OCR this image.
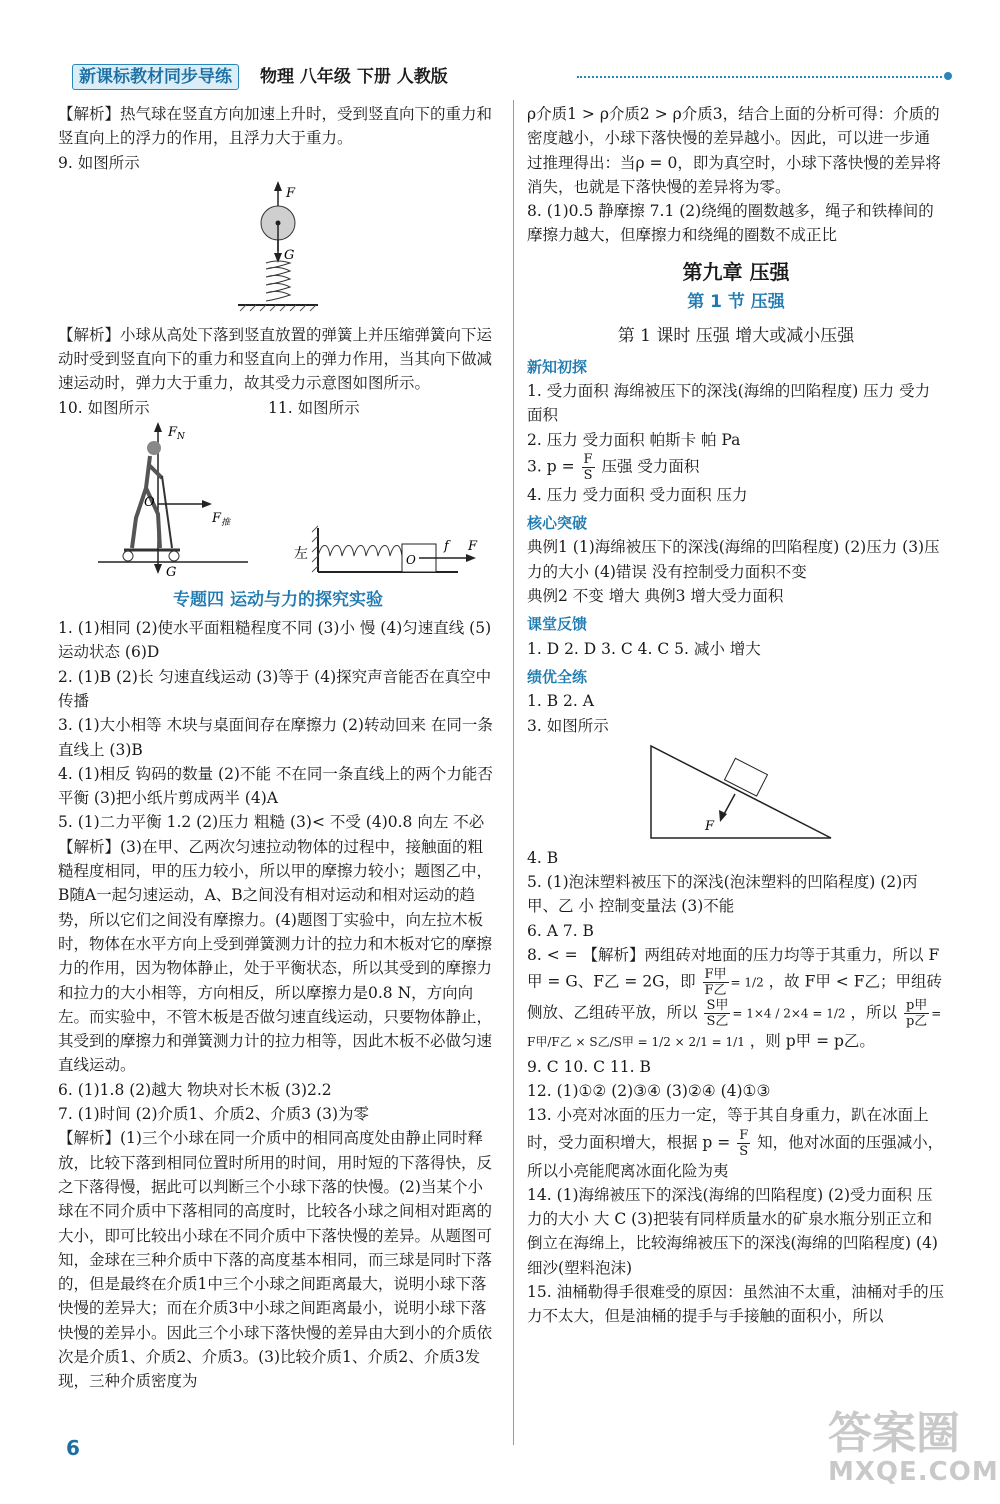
新课标教材同步导练	物理 八年级 下册 人教版

【解析】热气球在竖直方向加速上升时，受到竖直向下的重力和竖直向上的浮力的作用，且浮力大于重力。

9. 如图所示

F
G

【解析】小球从高处下落到竖直放置的弹簧上并压缩弹簧向下运动时受到竖直向下的重力和竖直向上的弹力作用，当其向下做减速运动时，弹力大于重力，故其受力示意图如图所示。

10. 如图所示	11. 如图所示
$F_N$
O
$F_推$
G
左	O
f F
专题四 运动与力的探究实验

1. (1)相同 (2)使水平面粗糙程度不同 (3)小 慢 (4)匀速直线 (5)运动状态 (6)D

2. (1)B (2)长 匀速直线运动 (3)等于 (4)探究声音能否在真空中传播

3. (1)大小相等 木块与桌面间存在摩擦力 (2)转动回来 在同一条直线上 (3)B

4. (1)相反 钩码的数量 (2)不能 不在同一条直线上的两个力能否平衡 (3)把小纸片剪成两半 (4)A

5. (1)二力平衡 1.2 (2)压力 粗糙 (3)< 不受 (4)0.8 向左 不必 【解析】(3)在甲、乙两次匀速拉动物体的过程中，接触面的粗糙程度相同，甲的压力较小，所以甲的摩擦力较小；题图乙中，B随A一起匀速运动，A、B之间没有相对运动和相对运动的趋势，所以它们之间没有摩擦力。(4)题图丁实验中，向左拉木板时，物体在水平方向上受到弹簧测力计的拉力和木板对它的摩擦力的作用，因为物体静止，处于平衡状态，所以其受到的摩擦力和拉力的大小相等，方向相反，所以摩擦力是0.8 N，方向向左。而实验中，不管木板是否做匀速直线运动，只要物体静止，其受到的摩擦力和弹簧测力计的拉力相等，因此木板不必做匀速直线运动。

6. (1)1.8 (2)越大 物块对长木板 (3)2.2

7. (1)时间 (2)介质1、介质2、介质3 (3)为零

【解析】(1)三个小球在同一介质中的相同高度处由静止同时释放，比较下落到相同位置时所用的时间，用时短的下落得快，反之下落得慢，据此可以判断三个小球下落的快慢。(2)当某个小球在不同介质中下落相同的高度时，比较各小球之间相对距离的大小，即可比较出小球在不同介质中下落快慢的差异。从题图可知，金球在三种介质中下落的高度基本相同，而三球是同时下落的，但是最终在介质1中三个小球之间距离最大，说明小球下落快慢的差异大；而在介质3中小球之间距离最小，说明小球下落快慢的差异小。因此三个小球下落快慢的差异由大到小的介质依次是介质1、介质2、介质3。(3)比较介质1、介质2、介质3发现，三种介质密度为

ρ介质1 > ρ介质2 > ρ介质3，结合上面的分析可得：介质的密度越小，小球下落快慢的差异越小。因此，可以进一步通过推理得出：当ρ = 0，即为真空时，小球下落快慢的差异将消失，也就是下落快慢的差异将为零。

8. (1)0.5 静摩擦 7.1 (2)绕绳的圈数越多，绳子和铁棒间的摩擦力越大，但摩擦力和绕绳的圈数不成正比

第九章 压强
第 1 节 压强
第 1 课时 压强 增大或减小压强
新知初探

1. 受力面积 海绵被压下的深浅(海绵的凹陷程度) 压力 受力面积

2. 压力 受力面积 帕斯卡 帕 Pa

3. $p = \frac{F}{S}$ 压强 受力面积

4. 压力 受力面积 受力面积 压力

核心突破

典例1 (1)海绵被压下的深浅(海绵的凹陷程度) (2)压力 (3)压力的大小 (4)错误 没有控制受力面积不变

典例2 不变 增大 典例3 增大受力面积

课堂反馈

1. D 2. D 3. C 4. C 5. 减小 增大

绩优全练

1. B 2. A

3. 如图所示

F

4. B

5. (1)泡沫塑料被压下的深浅(泡沫塑料的凹陷程度) (2)丙 甲、乙 小 控制变量法 (3)不能

6. A 7. B

8. < = 【解析】两组砖对地面的压力均等于其重力，所以 F甲 = G、F乙 = 2G，即 $\frac{\text{F甲}}{\text{F乙}} = 1/2$ ，故 F甲 < F乙；甲组砖侧放、乙组砖平放，所以 $\frac{\text{S甲}}{\text{S乙}} = 1\times 4 / 2\times 4 = 1/2$ ，所以 $\frac{\text{p甲}}{\text{p乙}} = F$甲/F乙 × S乙/S甲 = 1/2 × 2/1 = 1/1 ，则 p甲 = p乙。

9. C 10. C 11. B

12. (1)①② (2)③④ (3)②④ (4)①③

13. 小亮对冰面的压力一定，等于其自身重力，趴在冰面上时，受力面积增大，根据 $p = \frac{F}{S}$ 知，他对冰面的压强减小，所以小亮能爬离冰面化险为夷

14. (1)海绵被压下的深浅(海绵的凹陷程度) (2)受力面积 压力的大小 大 C (3)把装有同样质量水的矿泉水瓶分别正立和倒立在海绵上，比较海绵被压下的深浅(海绵的凹陷程度) (4)细沙(塑料泡沫)

15. 油桶勒得手很难受的原因：虽然油不太重，油桶对手的压力不太大，但是油桶的提手与手接触的面积小，所以

6	答案圈
MXQE.COM
